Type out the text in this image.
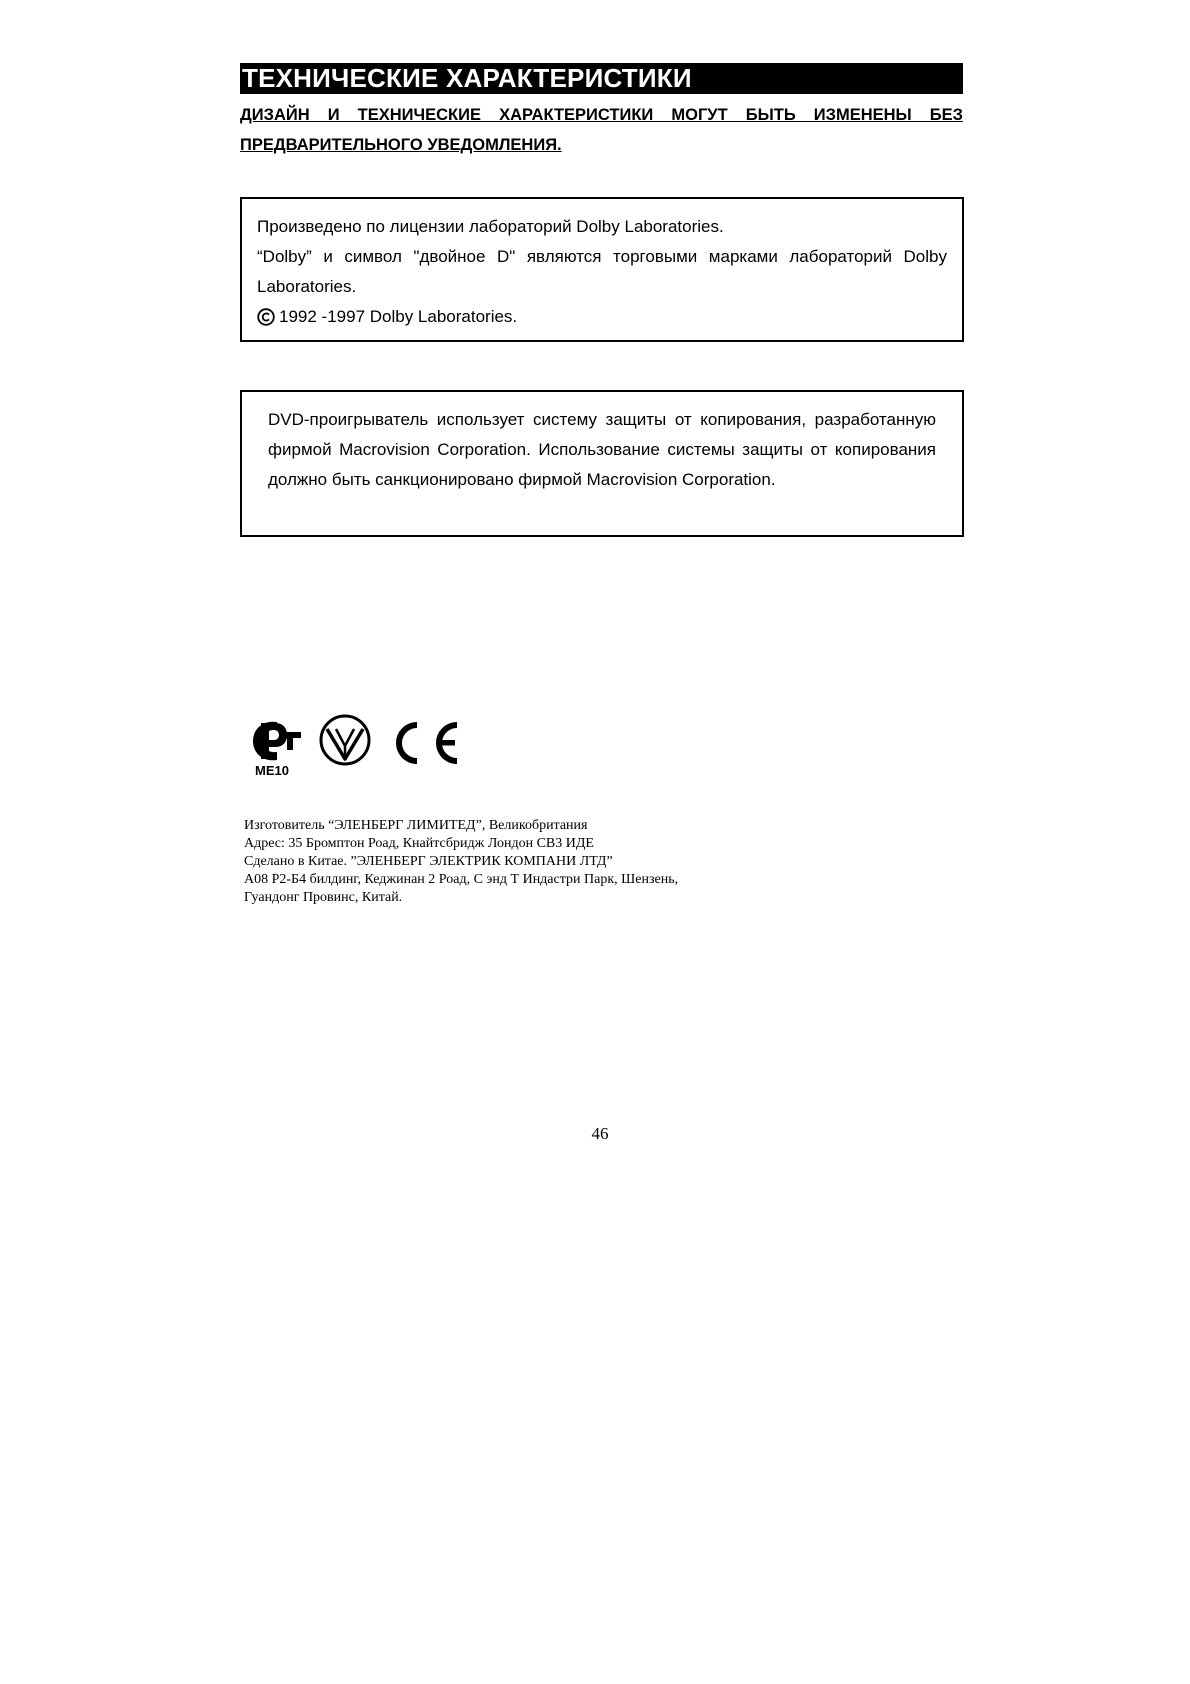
ТЕХНИЧЕСКИЕ ХАРАКТЕРИСТИКИ
ДИЗАЙН И ТЕХНИЧЕСКИЕ ХАРАКТЕРИСТИКИ МОГУТ БЫТЬ ИЗМЕНЕНЫ БЕЗ
ПРЕДВАРИТЕЛЬНОГО УВЕДОМЛЕНИЯ.

Произведено по лицензии лабораторий Dolby Laboratories.

“Dolby” и символ "двойное D" являются торговыми марками лабораторий Dolby Laboratories.

1992 -1997 Dolby Laboratories.

DVD-проигрыватель использует систему защиты от копирования, разработанную фирмой Macrovision Corporation. Использование системы защиты от копирования должно быть санкционировано фирмой Macrovision Corporation.
МЕ10
Изготовитель “ЭЛЕНБЕРГ ЛИМИТЕД”, Великобритания
Адрес: 35 Бромптон Роад, Кнайтсбридж Лондон СВ3 ИДЕ
Сделано в Китае. ”ЭЛЕНБЕРГ ЭЛЕКТРИК КОМПАНИ ЛТД”
А08 Р2-Б4 билдинг, Кеджинан 2 Роад, С энд Т Индастри Парк, Шензень,
Гуандонг Провинс, Китай.
46
